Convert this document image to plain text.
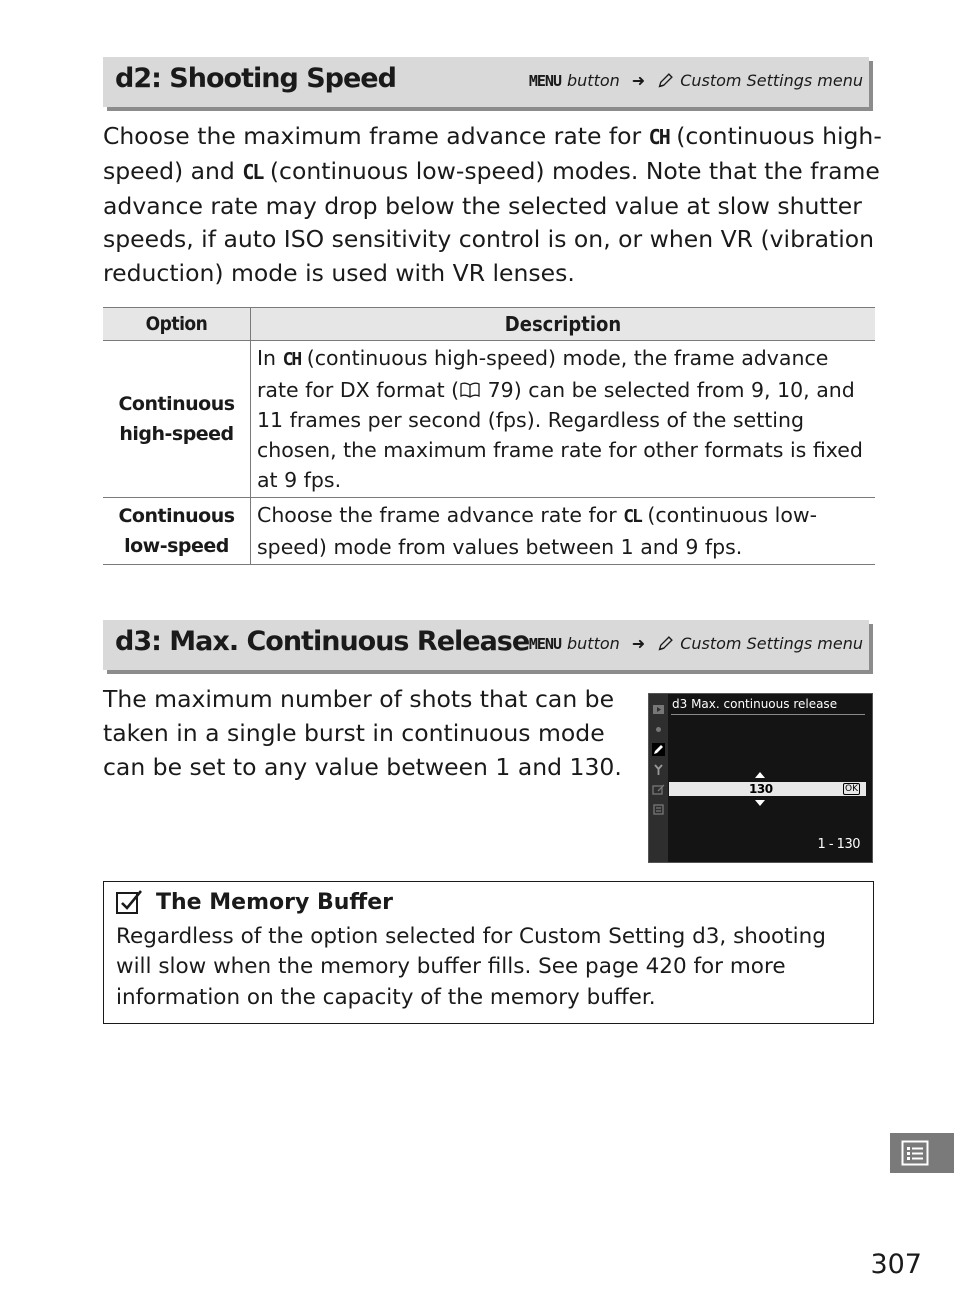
d2: Shooting Speed	MENU button ➜ Custom Settings menu
Choose the maximum frame advance rate for CH (continuous high-speed) and CL (continuous low-speed) modes. Note that the frame advance rate may drop below the selected value at slow shutter speeds, if auto ISO sensitivity control is on, or when VR (vibration reduction) mode is used with VR lenses.
Option	Description

Continuous
high-speed	In CH (continuous high-speed) mode, the frame advance rate for DX format ( 79) can be selected from 9, 10, and 11 frames per second (fps). Regardless of the setting chosen, the maximum frame rate for other formats is fixed at 9 fps.

Continuous
low-speed	Choose the frame advance rate for CL (continuous low-speed) mode from values between 1 and 9 fps.
d3: Max. Continuous Release MENU button ➜ Custom Settings menu
The maximum number of shots that can be taken in a single burst in continuous mode can be set to any value between 1 and 130.
d3 Max. continuous release
130	OK
1 - 130
The Memory Buffer
Regardless of the option selected for Custom Setting d3, shooting will slow when the memory buffer fills. See page 420 for more information on the capacity of the memory buffer.
307
